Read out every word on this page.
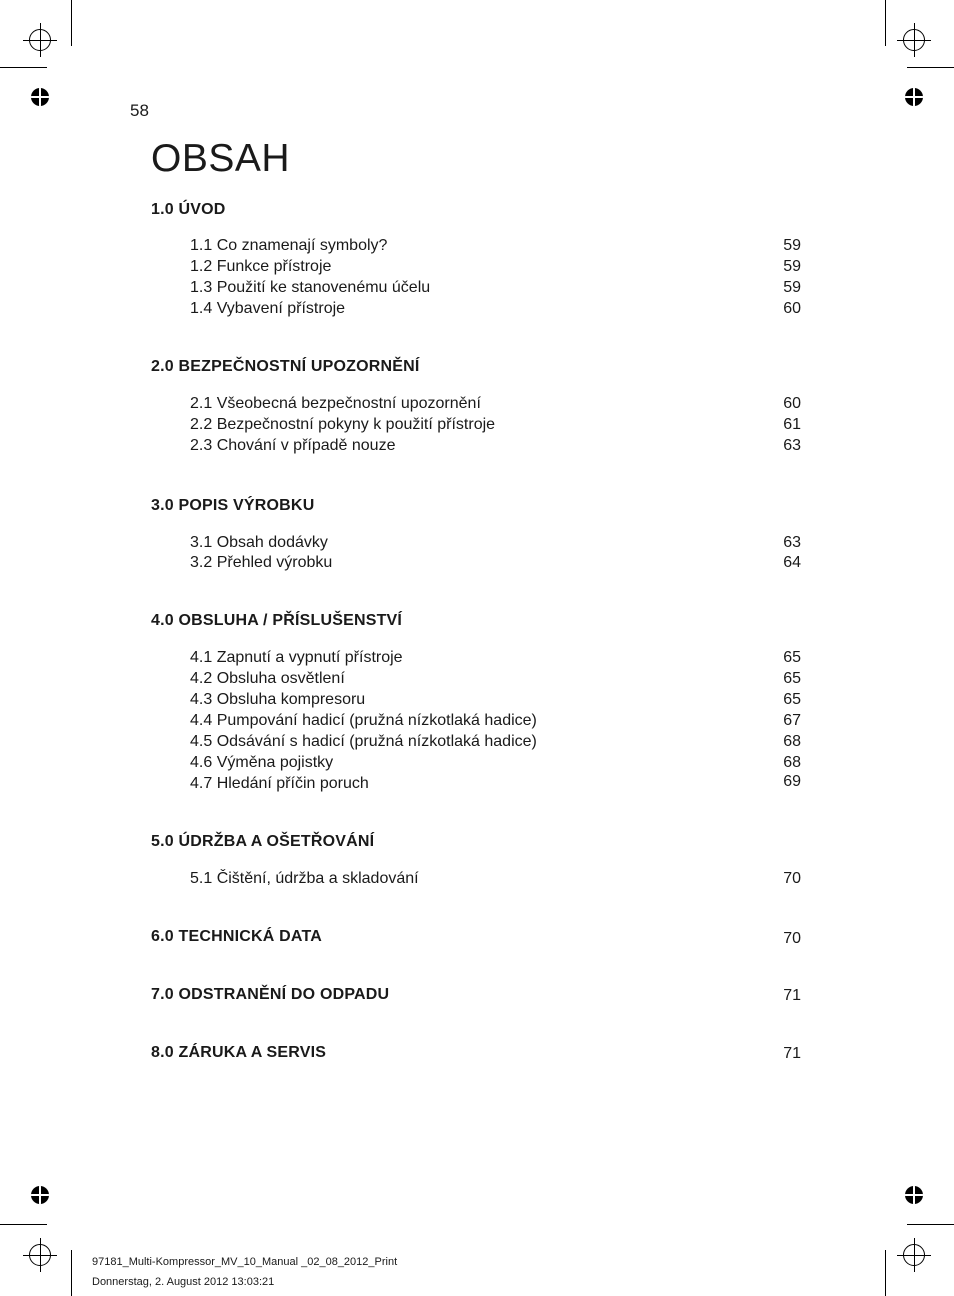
58
OBSAH
1.0 ÚVOD
1.1 Co znamenají symboly?	59
1.2 Funkce přístroje	59
1.3 Použití ke stanovenému účelu	59
1.4 Vybavení přístroje	60
2.0 BEZPEČNOSTNÍ UPOZORNĚNÍ
2.1 Všeobecná bezpečnostní upozornění	60
2.2 Bezpečnostní pokyny k použití přístroje	61
2.3 Chování v případě nouze	63
3.0 POPIS VÝROBKU
3.1 Obsah dodávky	63
3.2 Přehled výrobku	64
4.0 OBSLUHA / PŘÍSLUŠENSTVÍ
4.1 Zapnutí a vypnutí přístroje	65
4.2 Obsluha osvětlení	65
4.3 Obsluha kompresoru	65
4.4 Pumpování hadicí (pružná nízkotlaká hadice)	67
4.5 Odsávání s hadicí (pružná nízkotlaká hadice)	68
4.6 Výměna pojistky	68
4.7 Hledání příčin poruch	69
5.0 ÚDRŽBA A OŠETŘOVÁNÍ
5.1 Čištění, údržba a skladování	70
6.0 TECHNICKÁ DATA	70
7.0 ODSTRANĚNÍ DO ODPADU	71
8.0 ZÁRUKA A SERVIS	71
97181_Multi-Kompressor_MV_10_Manual _02_08_2012_Print
Donnerstag, 2. August 2012 13:03:21
